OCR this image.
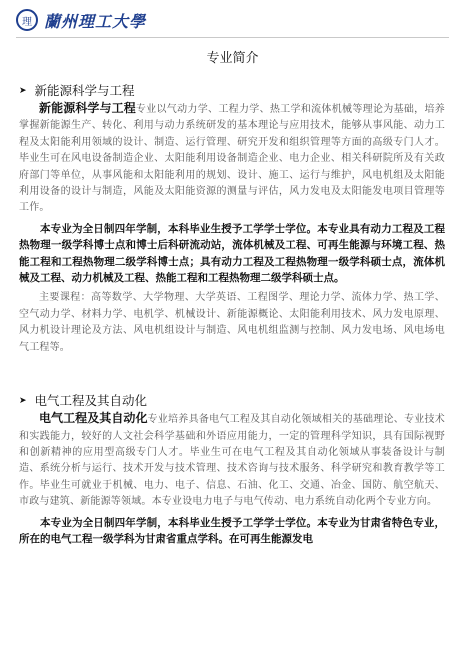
理 蘭州理工大學
专业简介
➤ 新能源科学与工程

新能源科学与工程专业以气动力学、工程力学、热工学和流体机械等理论为基础，培养掌握新能源生产、转化、利用与动力系统研发的基本理论与应用技术，能够从事风能、动力工程及太阳能利用领域的设计、制造、运行管理、研究开发和组织管理等方面的高级专门人才。毕业生可在风电设备制造企业、太阳能利用设备制造企业、电力企业、相关科研院所及有关政府部门等单位，从事风能和太阳能利用的规划、设计、施工、运行与维护，风电机组及太阳能利用设备的设计与制造，风能及太阳能资源的测量与评估，风力发电及太阳能发电项目管理等工作。

本专业为全日制四年学制，本科毕业生授予工学学士学位。本专业具有动力工程及工程热物理一级学科博士点和博士后科研流动站，流体机械及工程、可再生能源与环境工程、热能工程和工程热物理二级学科博士点；具有动力工程及工程热物理一级学科硕士点，流体机械及工程、动力机械及工程、热能工程和工程热物理二级学科硕士点。

主要课程：高等数学、大学物理、大学英语、工程图学、理论力学、流体力学、热工学、空气动力学、材料力学、电机学、机械设计、新能源概论、太阳能利用技术、风力发电原理、风力机设计理论及方法、风电机组设计与制造、风电机组监测与控制、风力发电场、风电场电气工程等。

➤ 电气工程及其自动化

电气工程及其自动化专业培养具备电气工程及其自动化领域相关的基础理论、专业技术和实践能力，较好的人文社会科学基础和外语应用能力，一定的管理科学知识，具有国际视野和创新精神的应用型高级专门人才。毕业生可在电气工程及其自动化领域从事装备设计与制造、系统分析与运行、技术开发与技术管理、技术咨询与技术服务、科学研究和教育教学等工作。毕业生可就业于机械、电力、电子、信息、石油、化工、交通、冶金、国防、航空航天、市政与建筑、新能源等领域。本专业设电力电子与电气传动、电力系统自动化两个专业方向。

本专业为全日制四年学制，本科毕业生授予工学学士学位。本专业为甘肃省特色专业，所在的电气工程一级学科为甘肃省重点学科。在可再生能源发电
